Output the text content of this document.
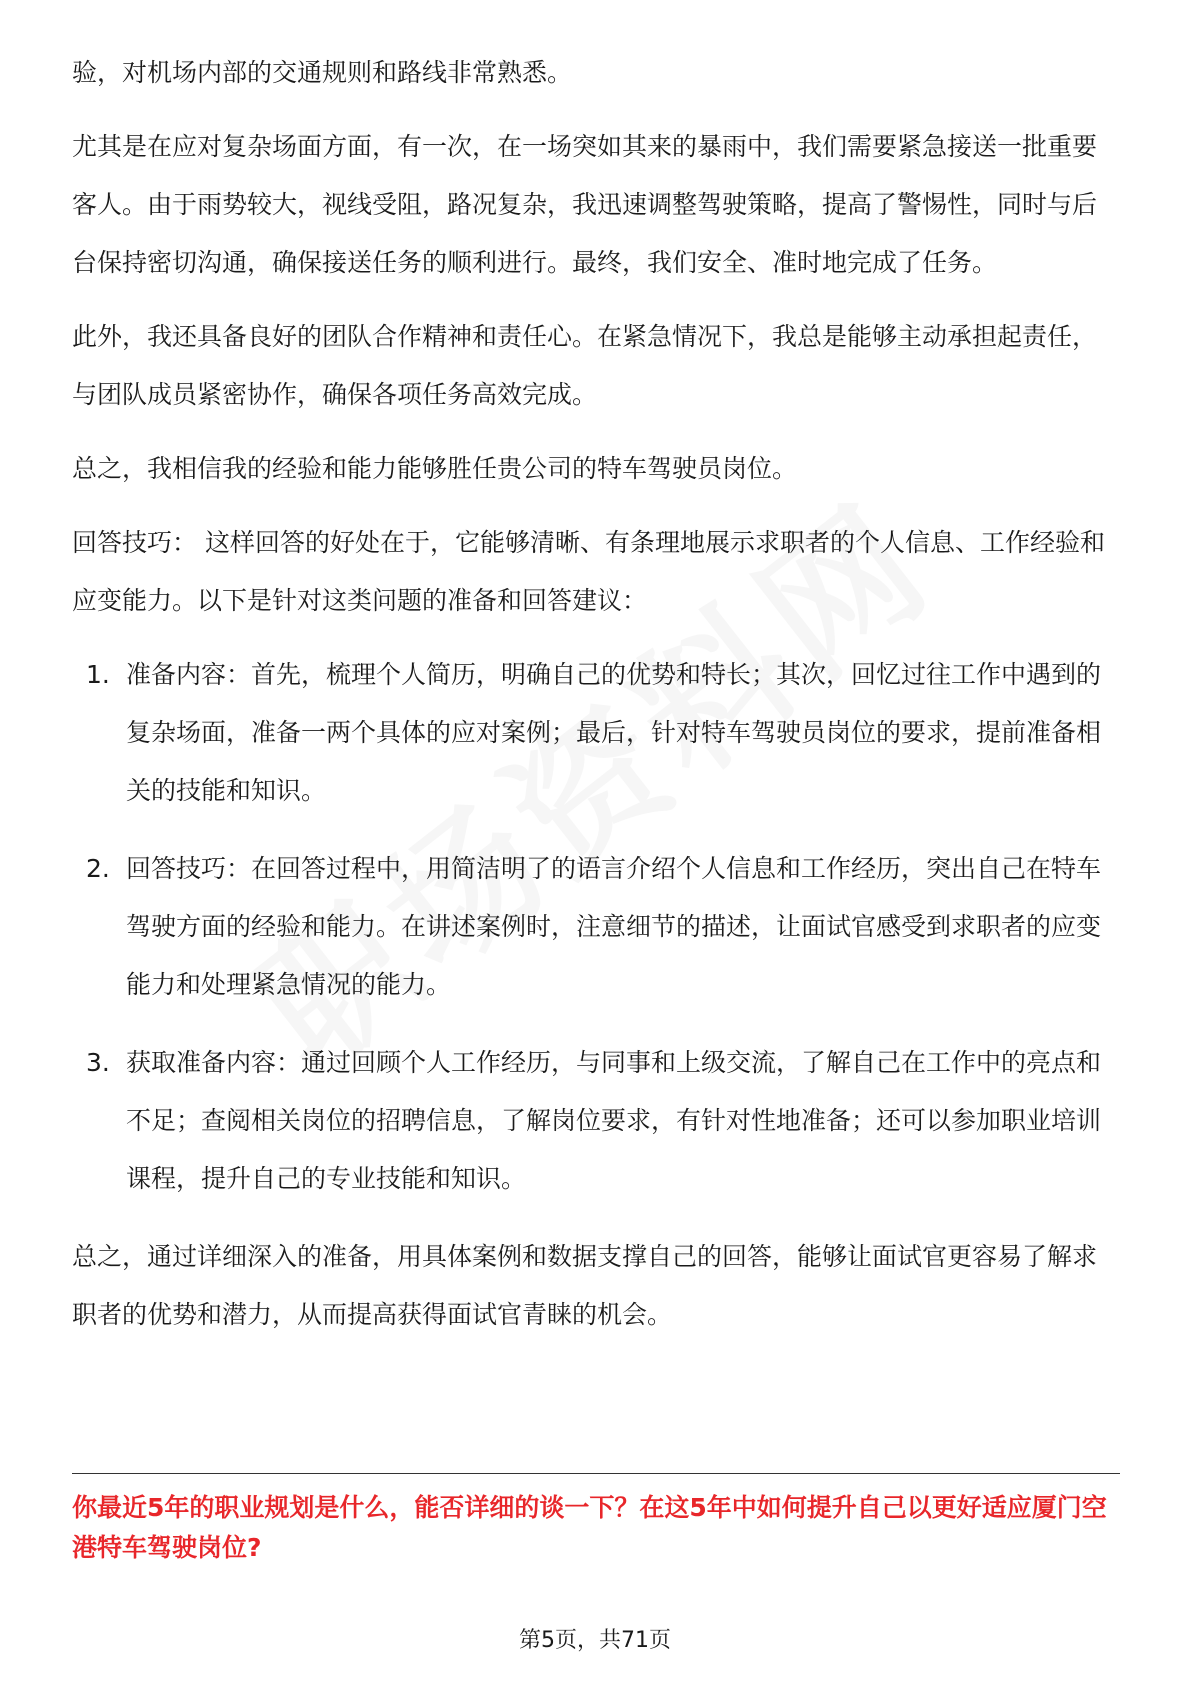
验，对机场内部的交通规则和路线非常熟悉。

尤其是在应对复杂场面方面，有一次，在一场突如其来的暴雨中，我们需要紧急接送一批重要客人。由于雨势较大，视线受阻，路况复杂，我迅速调整驾驶策略，提高了警惕性，同时与后台保持密切沟通，确保接送任务的顺利进行。最终，我们安全、准时地完成了任务。

此外，我还具备良好的团队合作精神和责任心。在紧急情况下，我总是能够主动承担起责任，与团队成员紧密协作，确保各项任务高效完成。

总之，我相信我的经验和能力能够胜任贵公司的特车驾驶员岗位。

回答技巧： 这样回答的好处在于，它能够清晰、有条理地展示求职者的个人信息、工作经验和应变能力。以下是针对这类问题的准备和回答建议：

1. 准备内容：首先，梳理个人简历，明确自己的优势和特长；其次，回忆过往工作中遇到的复杂场面，准备一两个具体的应对案例；最后，针对特车驾驶员岗位的要求，提前准备相关的技能和知识。

2. 回答技巧：在回答过程中，用简洁明了的语言介绍个人信息和工作经历，突出自己在特车驾驶方面的经验和能力。在讲述案例时，注意细节的描述，让面试官感受到求职者的应变能力和处理紧急情况的能力。

3. 获取准备内容：通过回顾个人工作经历，与同事和上级交流，了解自己在工作中的亮点和不足；查阅相关岗位的招聘信息，了解岗位要求，有针对性地准备；还可以参加职业培训课程，提升自己的专业技能和知识。

总之，通过详细深入的准备，用具体案例和数据支撑自己的回答，能够让面试官更容易了解求职者的优势和潜力，从而提高获得面试官青睐的机会。

你最近5年的职业规划是什么，能否详细的谈一下？在这5年中如何提升自己以更好适应厦门空港特车驾驶岗位?

第5页，共71页
